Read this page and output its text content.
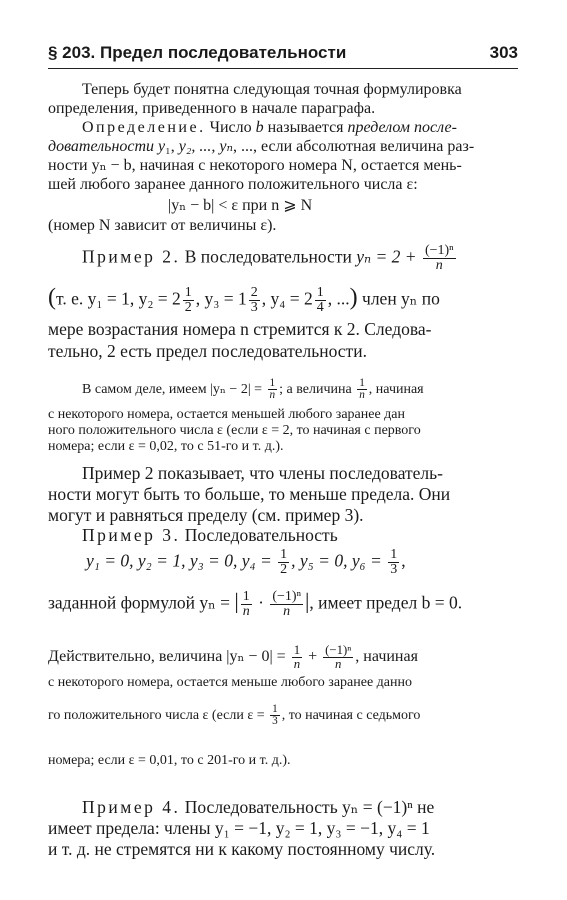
§ 203. Предел последовательности	303
Теперь будет понятна следующая точная формулировка
определения, приведенного в начале параграфа.
Определение. Число b называется пределом после-
довательности y₁, y₂, ..., yₙ, ..., если абсолютная величина раз-
ности yₙ − b, начиная с некоторого номера N, остается мень-
шей любого заранее данного положительного числа ε:
|yₙ − b| < ε при n ⩾ N
(номер N зависит от величины ε).
Пример 2. В последовательности $y_n = 2 + \frac{\text{(−1)ⁿ}}{n}$
(т. е. y₁ = 1, $y_2 = 2 \frac{1}{2}$ , $y_3 = 1 \frac{2}{3}$ , $y_4 = 2 \frac{1}{4}$ , ...) член yₙ по
мере возрастания номера n стремится к 2. Следова-
тельно, 2 есть предел последовательности.
В самом деле, имеем $|y_n - 2| = \frac{1}{n}$ ; а величина $\frac{1}{n}$ , начиная
с некоторого номера, остается меньшей любого заранее дан
ного положительного числа ε (если ε = 2, то начиная с первого
номера; если ε = 0,02, то с 51-го и т. д.).
Пример 2 показывает, что члены последователь-
ности могут быть то больше, то меньше предела. Они
могут и равняться пределу (см. пример 3).
Пример 3. Последовательность
y₁ = 0, y₂ = 1, y₃ = 0, $y_4 = \frac{1}{2}$ , y₅ = 0, $y_6 = \frac{1}{3}$ ,
заданной формулой yₙ = | $\frac{1}{n} \cdot \frac{\text{(−1)ⁿ}}{n}$ |, имеет предел b = 0.
Действительно, величина $|y_n - 0| = \frac{1}{n} + \frac{\text{(−1)ⁿ}}{n}$ , начиная
с некоторого номера, остается меньше любого заранее данно
го положительного числа ε (если $\varepsilon = \frac{1}{3}$ , то начиная с седьмого
номера; если ε = 0,01, то с 201-го и т. д.).
Пример 4. Последовательность yₙ = (−1)ⁿ не
имеет предела: члены y₁ = −1, y₂ = 1, y₃ = −1, y₄ = 1
и т. д. не стремятся ни к какому постоянному числу.
